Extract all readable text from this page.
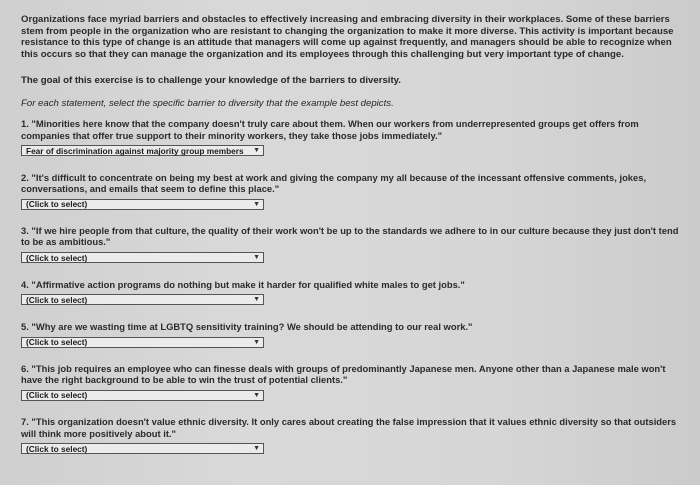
Organizations face myriad barriers and obstacles to effectively increasing and embracing diversity in their workplaces. Some of these barriers stem from people in the organization who are resistant to changing the organization to make it more diverse. This activity is important because resistance to this type of change is an attitude that managers will come up against frequently, and managers should be able to recognize when this occurs so that they can manage the organization and its employees through this challenging but very important type of change.

The goal of this exercise is to challenge your knowledge of the barriers to diversity.

For each statement, select the specific barrier to diversity that the example best depicts.

1. "Minorities here know that the company doesn't truly care about them. When our workers from underrepresented groups get offers from companies that offer true support to their minority workers, they take those jobs immediately."
Fear of discrimination against majority group members ▼
2. "It's difficult to concentrate on being my best at work and giving the company my all because of the incessant offensive comments, jokes, conversations, and emails that seem to define this place."
(Click to select)	▼
3. "If we hire people from that culture, the quality of their work won't be up to the standards we adhere to in our culture because they just don't tend to be as ambitious."
(Click to select)	▼
4. "Affirmative action programs do nothing but make it harder for qualified white males to get jobs."
(Click to select)	▼
5. "Why are we wasting time at LGBTQ sensitivity training? We should be attending to our real work."
(Click to select)	▼
6. "This job requires an employee who can finesse deals with groups of predominantly Japanese men. Anyone other than a Japanese male won't have the right background to be able to win the trust of potential clients."
(Click to select)	▼
7. "This organization doesn't value ethnic diversity. It only cares about creating the false impression that it values ethnic diversity so that outsiders will think more positively about it."
(Click to select)	▼
